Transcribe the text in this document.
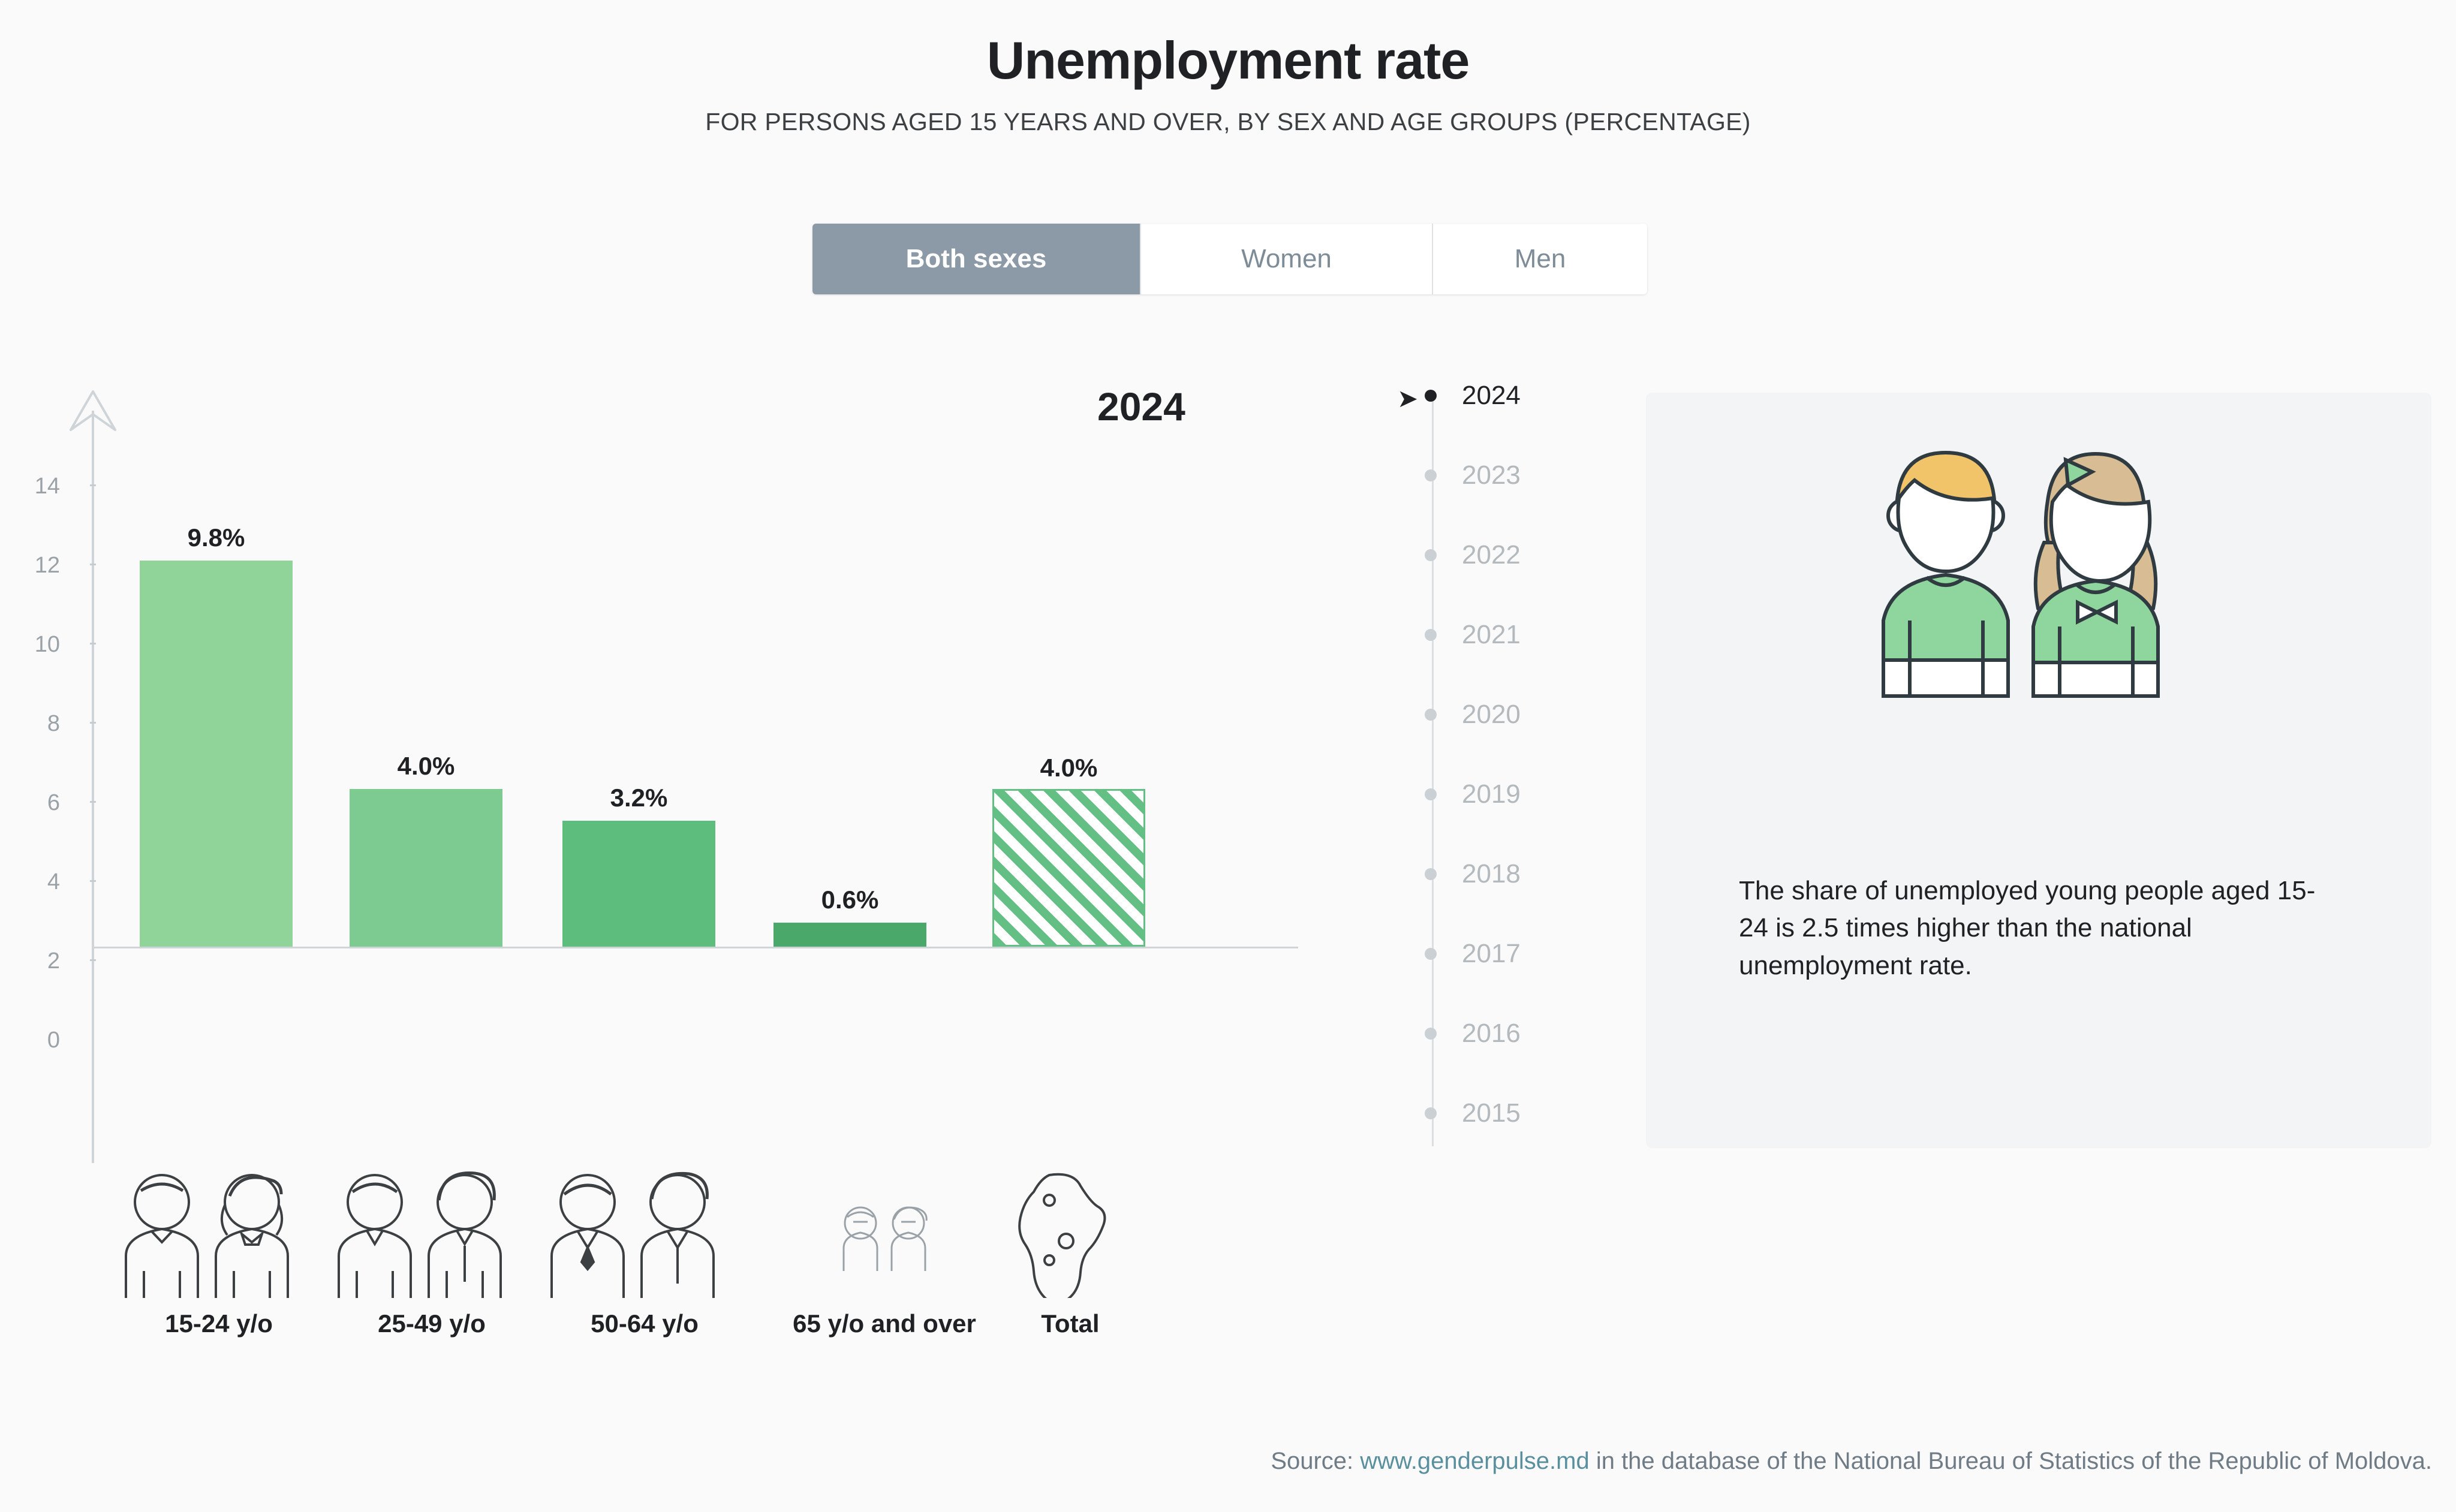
Unemployment rate
FOR PERSONS AGED 15 YEARS AND OVER, BY SEX AND AGE GROUPS (PERCENTAGE)
Both sexes	Women	Men
14
12
10
8
6
4
2
0
9.8%
4.0%
3.2%
0.6%
4.0%
2024
15-24 y/o	25-49 y/o	50-64 y/o	65 y/o and over	Total
➤ 2024
2023
2022
2021
2020
2019
2018
2017
2016
2015
The share of unemployed young people aged 15-24 is 2.5 times higher than the national unemployment rate.
Source: www.genderpulse.md in the database of the National Bureau of Statistics of the Republic of Moldova.
